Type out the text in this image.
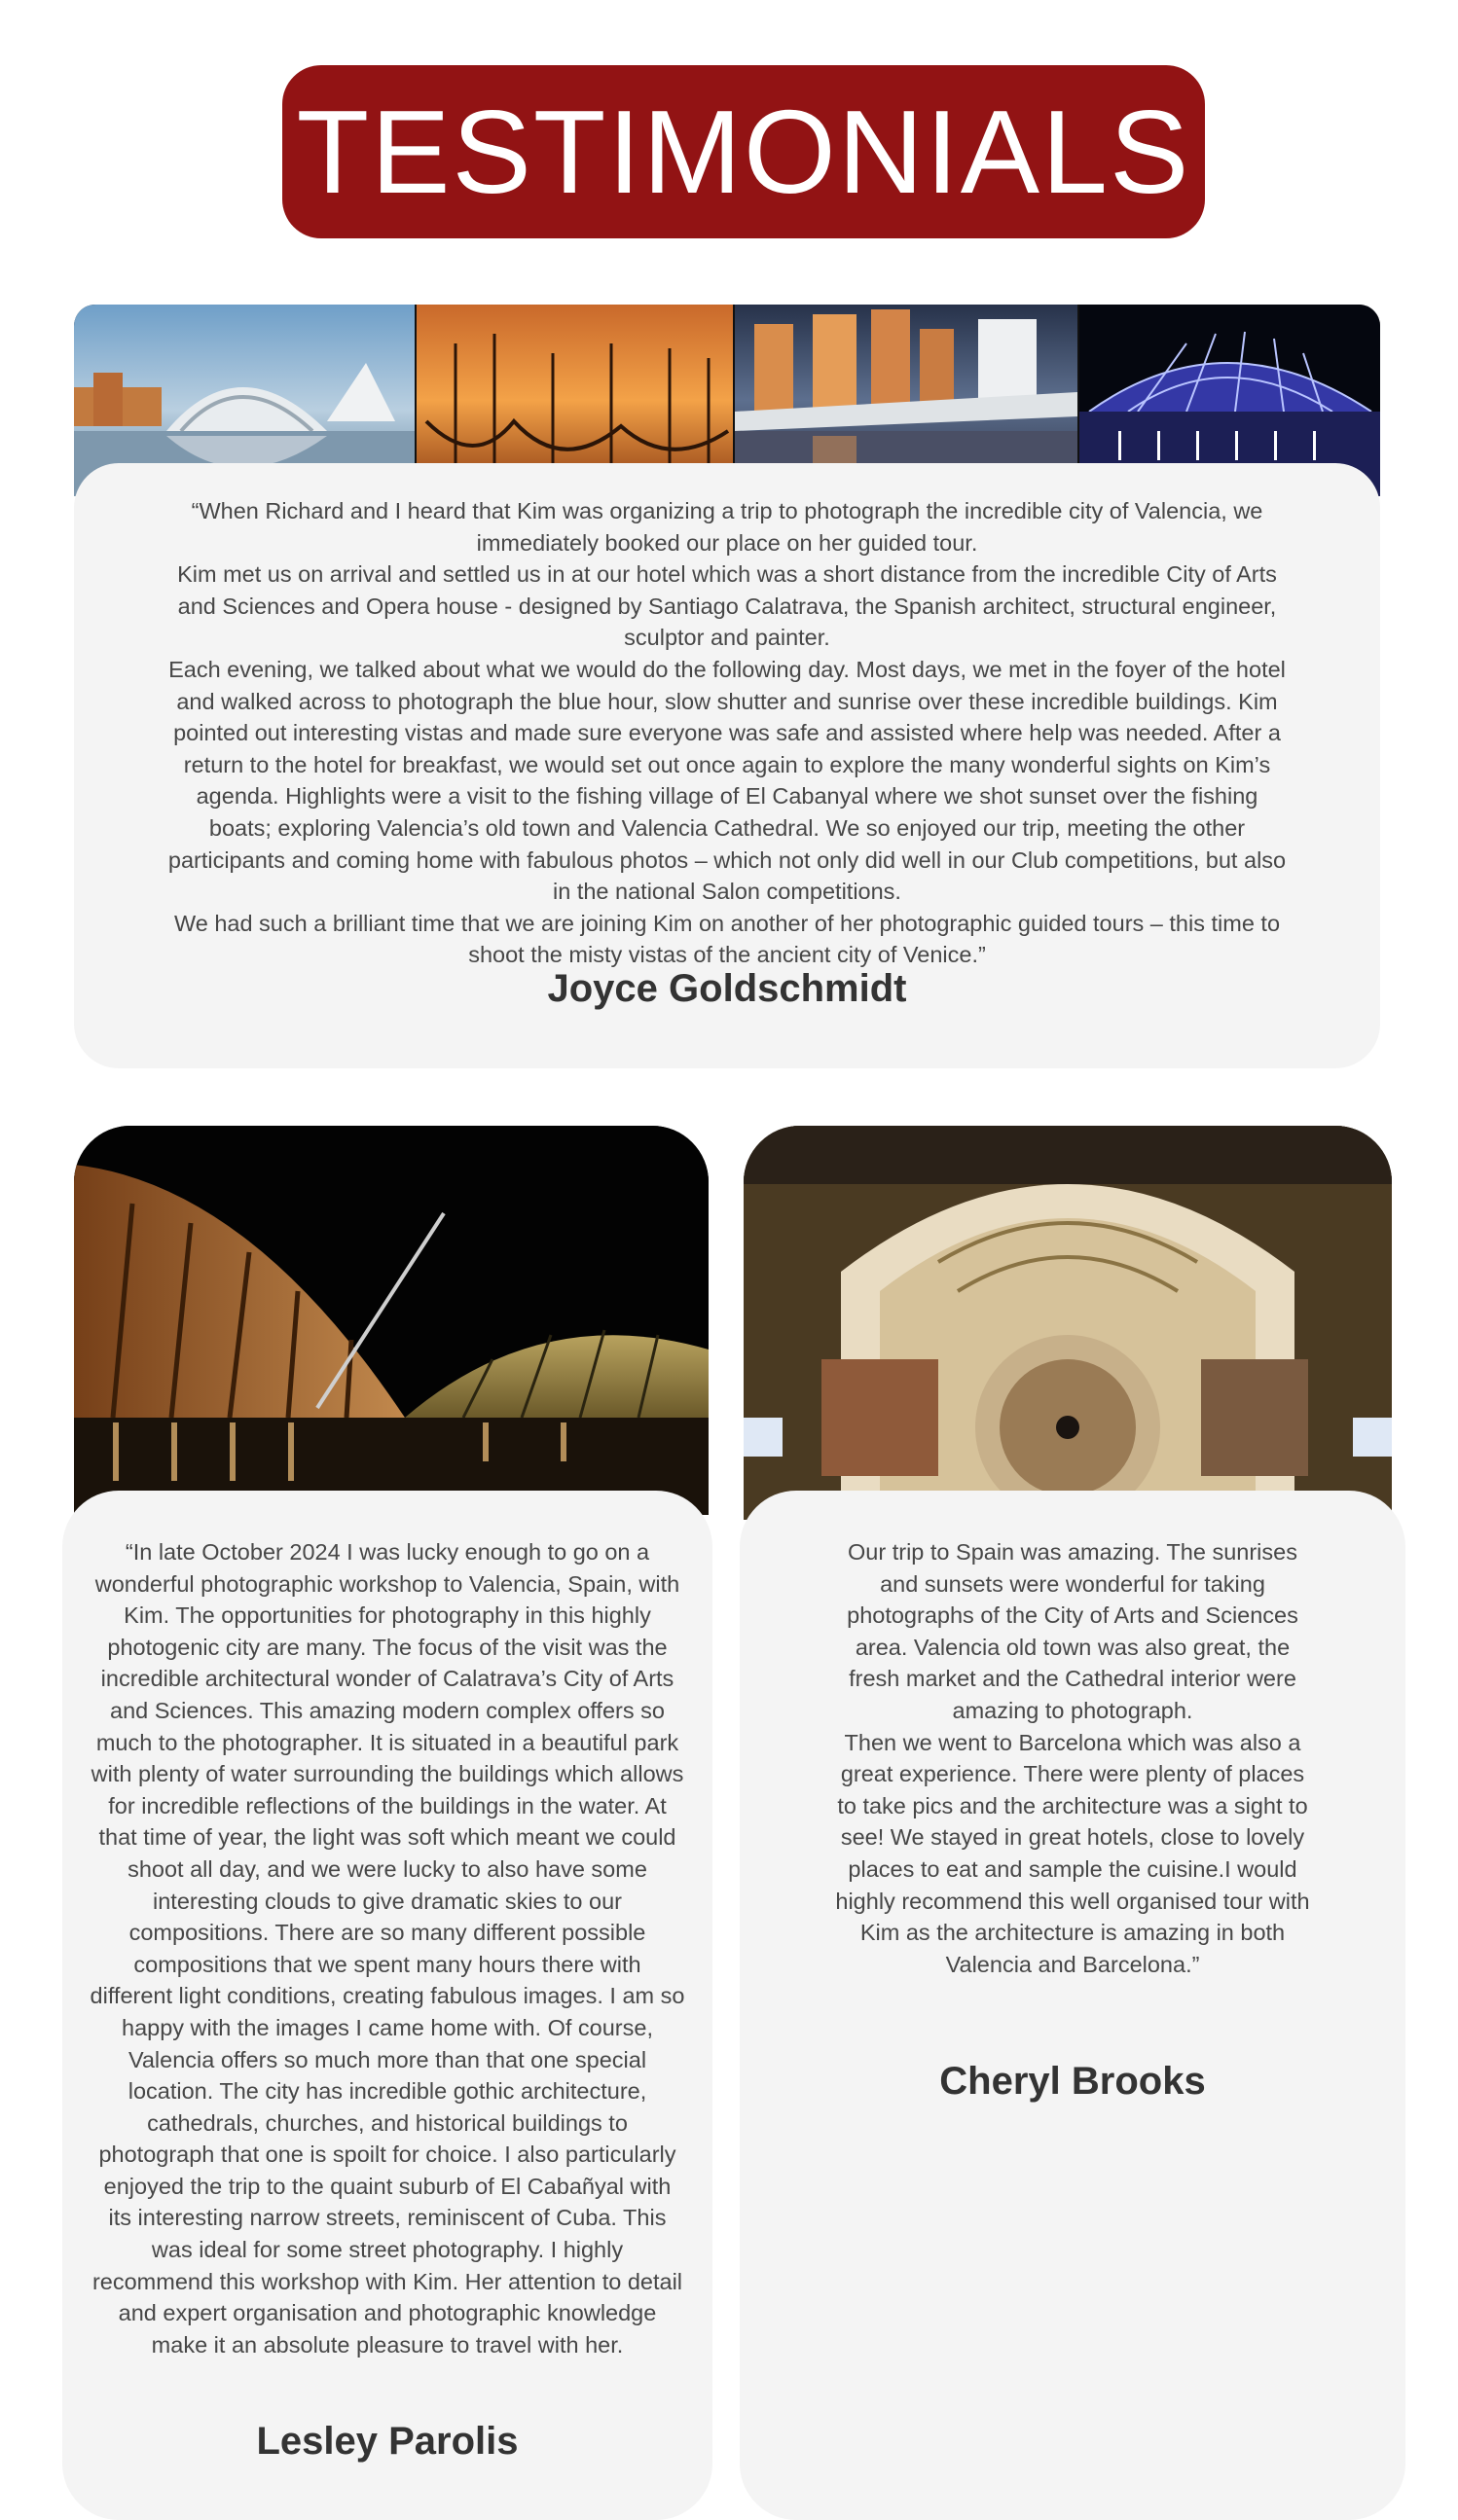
TESTIMONIALS

“When Richard and I heard that Kim was organizing a trip to photograph the incredible city of Valencia, we immediately booked our place on her guided tour.

Kim met us on arrival and settled us in at our hotel which was a short distance from the incredible City of Arts and Sciences and Opera house - designed by Santiago Calatrava, the Spanish architect, structural engineer, sculptor and painter.

Each evening, we talked about what we would do the following day. Most days, we met in the foyer of the hotel and walked across to photograph the blue hour, slow shutter and sunrise over these incredible buildings. Kim pointed out interesting vistas and made sure everyone was safe and assisted where help was needed. After a return to the hotel for breakfast, we would set out once again to explore the many wonderful sights on Kim’s agenda. Highlights were a visit to the fishing village of El Cabanyal where we shot sunset over the fishing boats; exploring Valencia’s old town and Valencia Cathedral. We so enjoyed our trip, meeting the other participants and coming home with fabulous photos – which not only did well in our Club competitions, but also in the national Salon competitions.

We had such a brilliant time that we are joining Kim on another of her photographic guided tours – this time to shoot the misty vistas of the ancient city of Venice.”

Joyce Goldschmidt

“In late October 2024 I was lucky enough to go on a wonderful photographic workshop to Valencia, Spain, with Kim. The opportunities for photography in this highly photogenic city are many. The focus of the visit was the incredible architectural wonder of Calatrava’s City of Arts and Sciences. This amazing modern complex offers so much to the photographer. It is situated in a beautiful park with plenty of water surrounding the buildings which allows for incredible reflections of the buildings in the water. At that time of year, the light was soft which meant we could shoot all day, and we were lucky to also have some interesting clouds to give dramatic skies to our compositions. There are so many different possible compositions that we spent many hours there with different light conditions, creating fabulous images. I am so happy with the images I came home with. Of course, Valencia offers so much more than that one special location. The city has incredible gothic architecture, cathedrals, churches, and historical buildings to photograph that one is spoilt for choice. I also particularly enjoyed the trip to the quaint suburb of El Cabañyal with its interesting narrow streets, reminiscent of Cuba. This was ideal for some street photography. I highly recommend this workshop with Kim. Her attention to detail and expert organisation and photographic knowledge make it an absolute pleasure to travel with her.

Lesley Parolis

Our trip to Spain was amazing. The sunrises and sunsets were wonderful for taking photographs of the City of Arts and Sciences area. Valencia old town was also great, the fresh market and the Cathedral interior were amazing to photograph.

Then we went to Barcelona which was also a great experience. There were plenty of places to take pics and the architecture was a sight to see! We stayed in great hotels, close to lovely places to eat and sample the cuisine.I would highly recommend this well organised tour with Kim as the architecture is amazing in both Valencia and Barcelona.”

Cheryl Brooks
